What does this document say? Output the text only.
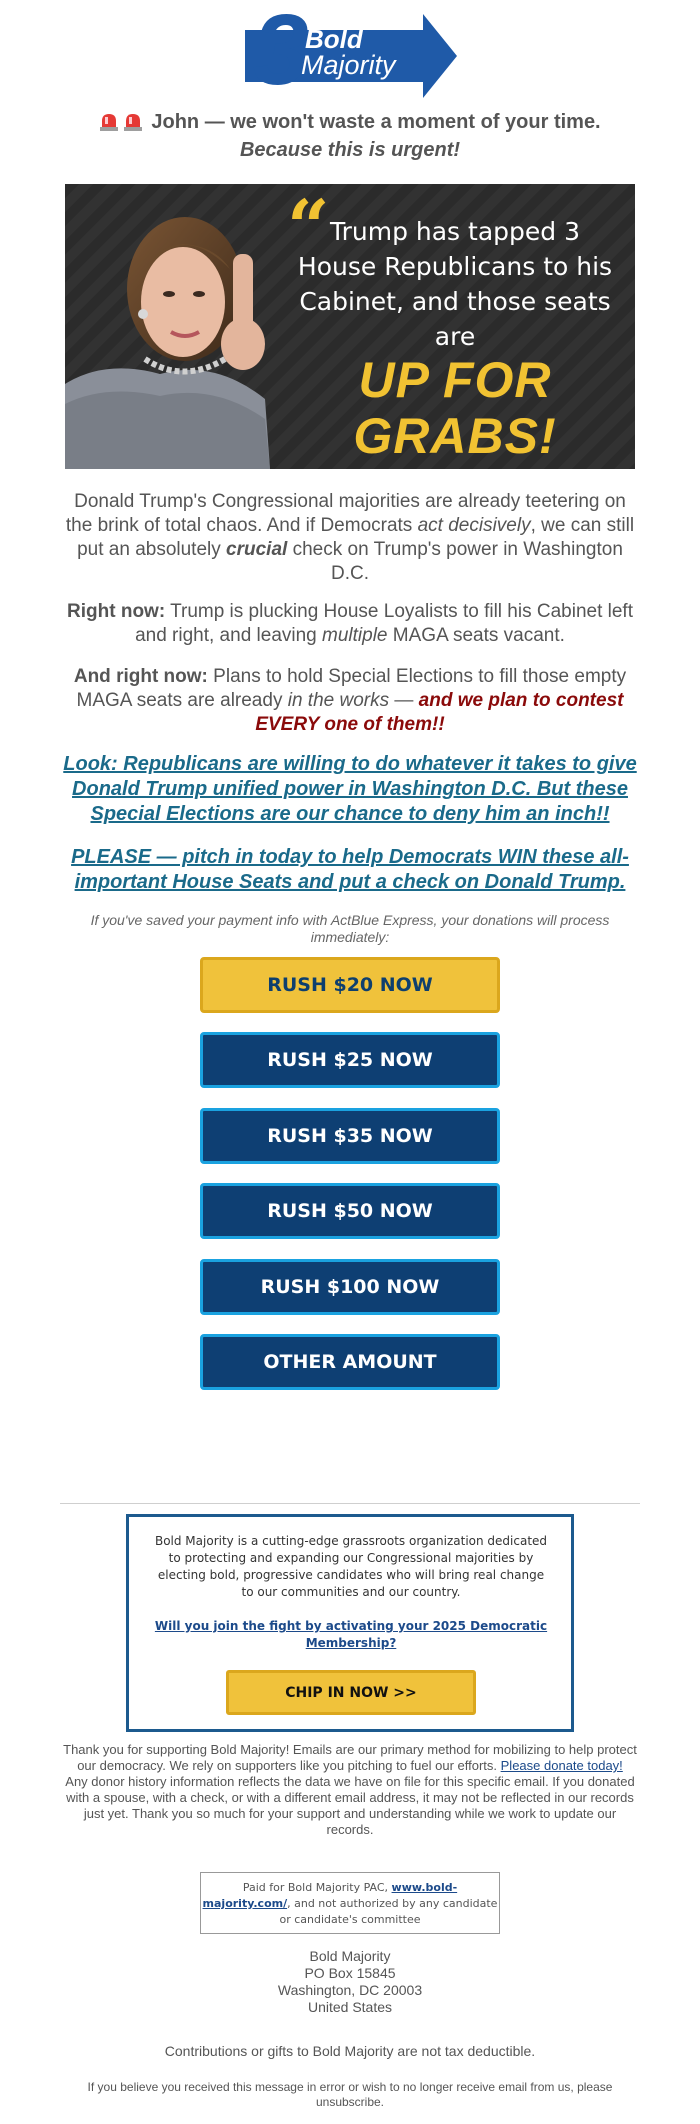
3
Bold
Majority
John — we won't waste a moment of your time.
Because this is urgent!
“ Trump has tapped 3 House Republicans to his Cabinet, and those seats are
UP FOR
GRABS!
Donald Trump's Congressional majorities are already teetering on the brink of total chaos. And if Democrats act decisively, we can still put an absolutely crucial check on Trump's power in Washington D.C.
Right now: Trump is plucking House Loyalists to fill his Cabinet left and right, and leaving multiple MAGA seats vacant.
And right now: Plans to hold Special Elections to fill those empty MAGA seats are already in the works — and we plan to contest EVERY one of them!!
Look: Republicans are willing to do whatever it takes to give Donald Trump unified power in Washington D.C. But these Special Elections are our chance to deny him an inch!!
PLEASE — pitch in today to help Democrats WIN these all-important House Seats and put a check on Donald Trump.
If you've saved your payment info with ActBlue Express, your donations will process immediately:
RUSH $20 NOW
RUSH $25 NOW
RUSH $35 NOW
RUSH $50 NOW
RUSH $100 NOW
OTHER AMOUNT
Bold Majority is a cutting-edge grassroots organization dedicated to protecting and expanding our Congressional majorities by electing bold, progressive candidates who will bring real change to our communities and our country.
Will you join the fight by activating your 2025 Democratic Membership?
CHIP IN NOW >>
Thank you for supporting Bold Majority! Emails are our primary method for mobilizing to help protect our democracy. We rely on supporters like you pitching to fuel our efforts. Please donate today!
Any donor history information reflects the data we have on file for this specific email. If you donated with a spouse, with a check, or with a different email address, it may not be reflected in our records just yet. Thank you so much for your support and understanding while we work to update our records.
Paid for Bold Majority PAC, www.bold-majority.com/, and not authorized by any candidate or candidate's committee
Bold Majority
PO Box 15845
Washington, DC 20003
United States
Contributions or gifts to Bold Majority are not tax deductible.
If you believe you received this message in error or wish to no longer receive email from us, please unsubscribe.
